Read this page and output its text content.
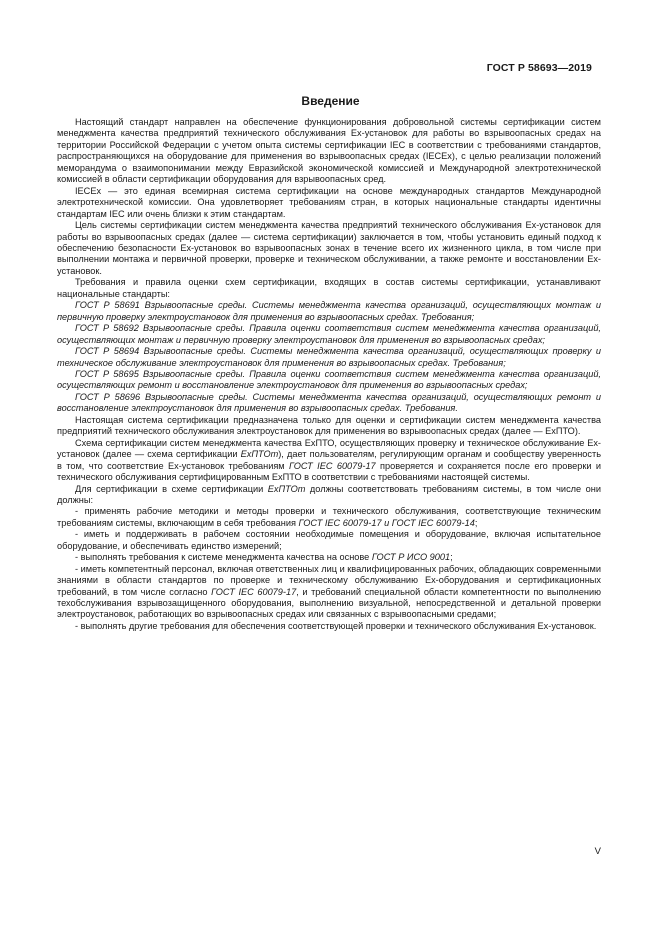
ГОСТ Р 58693—2019
Введение

Настоящий стандарт направлен на обеспечение функционирования добровольной системы сертификации систем менеджмента качества предприятий технического обслуживания Ex-установок для работы во взрывоопасных средах на территории Российской Федерации с учетом опыта системы сертификации IEC в соответствии с требованиями стандартов, распространяющихся на оборудование для применения во взрывоопасных средах (IECEx), с целью реализации положений меморандума о взаимопонимании между Евразийской экономической комиссией и Международной электротехнической комиссией в области сертификации оборудования для взрывоопасных сред.

IECEx — это единая всемирная система сертификации на основе международных стандартов Международной электротехнической комиссии. Она удовлетворяет требованиям стран, в которых национальные стандарты идентичны стандартам IEC или очень близки к этим стандартам.

Цель системы сертификации систем менеджмента качества предприятий технического обслуживания Ex-установок для работы во взрывоопасных средах (далее — система сертификации) заключается в том, чтобы установить единый подход к обеспечению безопасности Ex-установок во взрывоопасных зонах в течение всего их жизненного цикла, в том числе при выполнении монтажа и первичной проверки, проверке и техническом обслуживании, а также ремонте и восстановлении Ex-установок.

Требования и правила оценки схем сертификации, входящих в состав системы сертификации, устанавливают национальные стандарты:

ГОСТ Р 58691 Взрывоопасные среды. Системы менеджмента качества организаций, осуществляющих монтаж и первичную проверку электроустановок для применения во взрывоопасных средах. Требования;

ГОСТ Р 58692 Взрывоопасные среды. Правила оценки соответствия систем менеджмента качества организаций, осуществляющих монтаж и первичную проверку электроустановок для применения во взрывоопасных средах;

ГОСТ Р 58694 Взрывоопасные среды. Системы менеджмента качества организаций, осуществляющих проверку и техническое обслуживание электроустановок для применения во взрывоопасных средах. Требования;

ГОСТ Р 58695 Взрывоопасные среды. Правила оценки соответствия систем менеджмента качества организаций, осуществляющих ремонт и восстановление электроустановок для применения во взрывоопасных средах;

ГОСТ Р 58696 Взрывоопасные среды. Системы менеджмента качества организаций, осуществляющих ремонт и восстановление электроустановок для применения во взрывоопасных средах. Требования.

Настоящая система сертификации предназначена только для оценки и сертификации систем менеджмента качества предприятий технического обслуживания электроустановок для применения во взрывоопасных средах (далее — ExПТО).

Схема сертификации систем менеджмента качества ExПТО, осуществляющих проверку и техническое обслуживание Ex-установок (далее — схема сертификации ExПТОт), дает пользователям, регулирующим органам и сообществу уверенность в том, что соответствие Ex-установок требованиям ГОСТ IEC 60079-17 проверяется и сохраняется после его проверки и технического обслуживания сертифицированным ExПТО в соответствии с требованиями настоящей системы.

Для сертификации в схеме сертификации ExПТОт должны соответствовать требованиям системы, в том числе они должны:

- применять рабочие методики и методы проверки и технического обслуживания, соответствующие техническим требованиям системы, включающим в себя требования ГОСТ IEC 60079-17 и ГОСТ IEC 60079-14;

- иметь и поддерживать в рабочем состоянии необходимые помещения и оборудование, включая испытательное оборудование, и обеспечивать единство измерений;

- выполнять требования к системе менеджмента качества на основе ГОСТ Р ИСО 9001;

- иметь компетентный персонал, включая ответственных лиц и квалифицированных рабочих, обладающих современными знаниями в области стандартов по проверке и техническому обслуживанию Ex-оборудования и сертификационных требований, в том числе согласно ГОСТ IEC 60079-17, и требований специальной области компетентности по выполнению техобслуживания взрывозащищенного оборудования, выполнению визуальной, непосредственной и детальной проверки электроустановок, работающих во взрывоопасных средах или связанных с взрывоопасными средами;

- выполнять другие требования для обеспечения соответствующей проверки и технического обслуживания Ex-установок.

V
